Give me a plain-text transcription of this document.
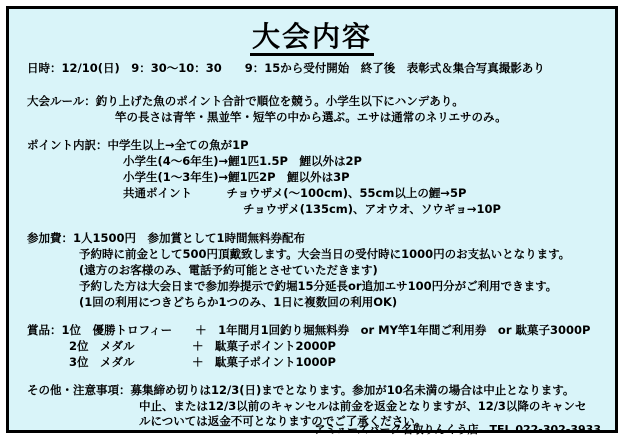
大会内容
日時：12/10(日)　9：30〜10：30　　9：15から受付開始　終了後　表彰式＆集合写真撮影あり
大会ルール：釣り上げた魚のポイント合計で順位を競う。小学生以下にハンデあり。
竿の長さは青竿・黒並竿・短竿の中から選ぶ。エサは通常のネリエサのみ。
ポイント内訳：中学生以上→全ての魚が1P
小学生(4〜6年生)→鯉1匹1.5P　鯉以外は2P
小学生(1〜3年生)→鯉1匹2P　鯉以外は3P
共通ポイント　　　チョウザメ(〜100cm)、55cm以上の鯉→5P
チョウザメ(135cm)、アオウオ、ソウギョ→10P
参加費：1人1500円　参加賞として1時間無料券配布
予約時に前金として500円頂戴致します。大会当日の受付時に1000円のお支払いとなります。
(遠方のお客様のみ、電話予約可能とさせていただきます)
予約した方は大会日まで参加券提示で釣堀15分延長or追加エサ100円分がご利用できます。
(1回の利用につきどちらか1つのみ、1日に複数回の利用OK)
賞品：1位　優勝トロフィー　　＋　1年間月1回釣り堀無料券　or MY竿1年間ご利用券　or 駄菓子3000P
2位　メダル　　　　　＋　駄菓子ポイント2000P
3位　メダル　　　　　＋　駄菓子ポイント1000P
その他・注意事項：募集締め切りは12/3(日)までとなります。参加が10名未満の場合は中止となります。
中止、または12/3以前のキャンセルは前金を返金となりますが、12/3以降のキャンセ
ルについては返金不可となりますのでご了承ください。
アミューズパーク名取りんくう店　TEL 022-302-3933
